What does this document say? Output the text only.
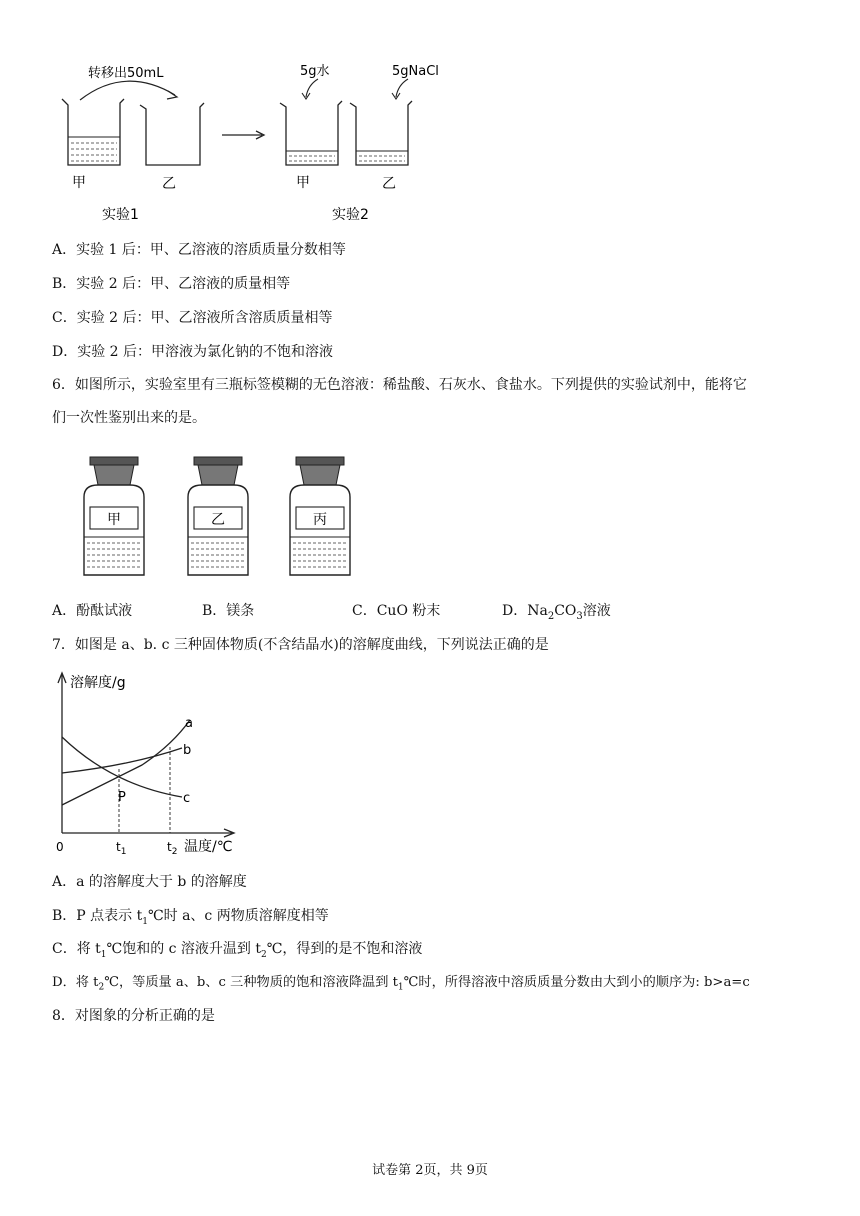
转移出50mL
甲	乙
实验1
5g水	5gNaCl
甲	乙
实验2
A．实验 1 后：甲、乙溶液的溶质质量分数相等
B．实验 2 后：甲、乙溶液的质量相等
C．实验 2 后：甲、乙溶液所含溶质质量相等
D．实验 2 后：甲溶液为氯化钠的不饱和溶液
6．如图所示，实验室里有三瓶标签模糊的无色溶液：稀盐酸、石灰水、食盐水。下列提供的实验试剂中，能将它
们一次性鉴别出来的是。
甲	乙	丙
A．酚酞试液	B．镁条	C．CuO 粉末	D．$Na_2CO_3$溶液
7．如图是 a、b. c 三种固体物质(不含结晶水)的溶解度曲线，下列说法正确的是
溶解度/g
温度/℃
0	$t_1$	$t_2$
a
b
c
P
A．a 的溶解度大于 b 的溶解度
B．P 点表示 $t_1℃$时 a、c 两物质溶解度相等
C．将 $t_1℃$饱和的 c 溶液升温到 $t_2℃$，得到的是不饱和溶液
D．将 $t_2℃$，等质量 a、b、c 三种物质的饱和溶液降温到 $t_1℃$时，所得溶液中溶质质量分数由大到小的顺序为: b>a=c
8．对图象的分析正确的是
试卷第 2页，共 9页
